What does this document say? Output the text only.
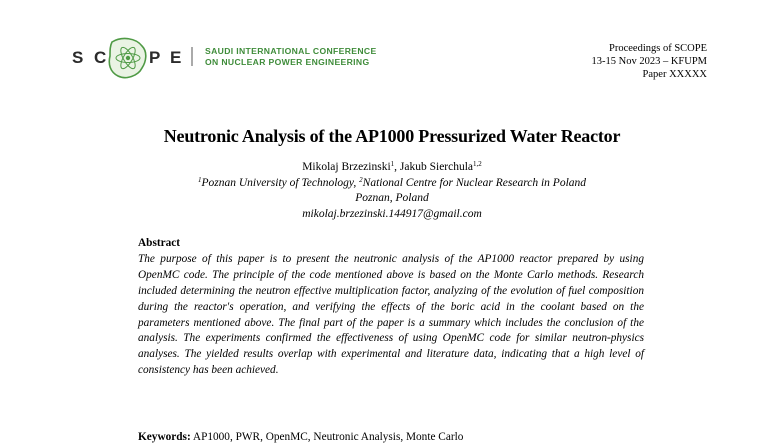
S C	P E	SAUDI INTERNATIONAL CONFERENCE
ON NUCLEAR POWER ENGINEERING
Proceedings of SCOPE
13-15 Nov 2023 – KFUPM
Paper XXXXX
Neutronic Analysis of the AP1000 Pressurized Water Reactor
Mikolaj Brzezinski$^1$, Jakub Sierchula$^{1,2}$
$^1$Poznan University of Technology, $^2$National Centre for Nuclear Research in Poland
Poznan, Poland
mikolaj.brzezinski.144917@gmail.com
Abstract
The purpose of this paper is to present the neutronic analysis of the AP1000 reactor prepared by using OpenMC code. The principle of the code mentioned above is based on the Monte Carlo methods. Research included determining the neutron effective multiplication factor, analyzing of the evolution of fuel composition during the reactor's operation, and verifying the effects of the boric acid in the coolant based on the parameters mentioned above. The final part of the paper is a summary which includes the conclusion of the analysis. The experiments confirmed the effectiveness of using OpenMC code for similar neutron-physics analyses. The yielded results overlap with experimental and literature data, indicating that a high level of consistency has been achieved.
Keywords: AP1000, PWR, OpenMC, Neutronic Analysis, Monte Carlo
